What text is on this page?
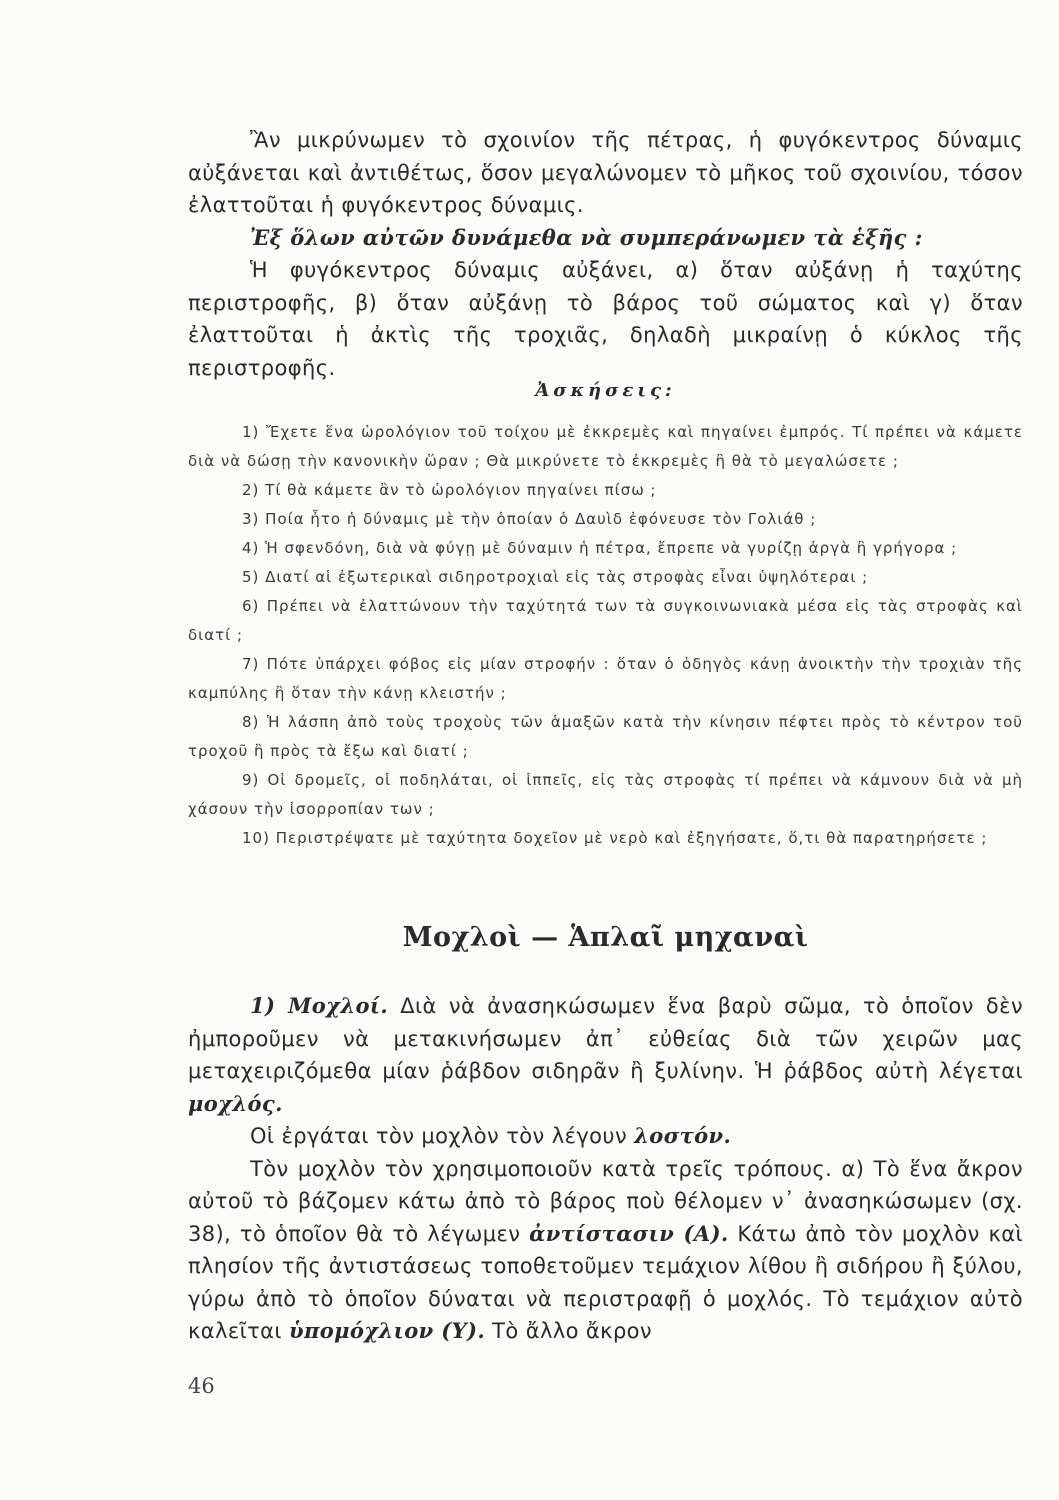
Ἂν μικρύνωμεν τὸ σχοινίον τῆς πέτρας, ἡ φυγόκεντρος δύναμις αὐξάνεται καὶ ἀντιθέτως, ὅσον μεγαλώνομεν τὸ μῆκος τοῦ σχοινίου, τόσον ἐλαττοῦται ἡ φυγόκεντρος δύναμις.
Ἐξ ὅλων αὐτῶν δυνάμεθα νὰ συμπεράνωμεν τὰ ἑξῆς :
Ἡ φυγόκεντρος δύναμις αὐξάνει, α) ὅταν αὐξάνῃ ἡ ταχύτης περιστροφῆς, β) ὅταν αὐξάνῃ τὸ βάρος τοῦ σώματος καὶ γ) ὅταν ἐλαττοῦται ἡ ἀκτὶς τῆς τροχιᾶς, δηλαδὴ μικραίνῃ ὁ κύκλος τῆς περιστροφῆς.

Ἀσκήσεις:

1) Ἔχετε ἕνα ὡρολόγιον τοῦ τοίχου μὲ ἐκκρεμὲς καὶ πηγαίνει ἐμπρός. Τί πρέπει νὰ κάμετε διὰ νὰ δώσῃ τὴν κανονικὴν ὥραν ; Θὰ μικρύνετε τὸ ἐκκρεμὲς ἢ θὰ τὸ μεγαλώσετε ;

2) Τί θὰ κάμετε ἂν τὸ ὡρολόγιον πηγαίνει πίσω ;

3) Ποία ἦτο ἡ δύναμις μὲ τὴν ὁποίαν ὁ Δαυὶδ ἐφόνευσε τὸν Γολιάθ ;

4) Ἡ σφενδόνη, διὰ νὰ φύγῃ μὲ δύναμιν ἡ πέτρα, ἔπρεπε νὰ γυρίζῃ ἀργὰ ἢ γρήγορα ;

5) Διατί αἱ ἐξωτερικαὶ σιδηροτροχιαὶ εἰς τὰς στροφὰς εἶναι ὑψηλότεραι ;

6) Πρέπει νὰ ἐλαττώνουν τὴν ταχύτητά των τὰ συγκοινωνιακὰ μέσα εἰς τὰς στροφὰς καὶ διατί ;

7) Πότε ὑπάρχει φόβος εἰς μίαν στροφήν : ὅταν ὁ ὁδηγὸς κάνῃ ἀνοικτὴν τὴν τροχιὰν τῆς καμπύλης ἢ ὅταν τὴν κάνῃ κλειστήν ;

8) Ἡ λάσπη ἀπὸ τοὺς τροχοὺς τῶν ἁμαξῶν κατὰ τὴν κίνησιν πέφτει πρὸς τὸ κέντρον τοῦ τροχοῦ ἢ πρὸς τὰ ἔξω καὶ διατί ;

9) Οἱ δρομεῖς, οἱ ποδηλάται, οἱ ἱππεῖς, εἰς τὰς στροφὰς τί πρέπει νὰ κάμνουν διὰ νὰ μὴ χάσουν τὴν ἰσορροπίαν των ;

10) Περιστρέψατε μὲ ταχύτητα δοχεῖον μὲ νερὸ καὶ ἐξηγήσατε, ὅ,τι θὰ παρατηρήσετε ;

Μοχλοὶ — Ἁπλαῖ μηχαναὶ

1) Μοχλοί. Διὰ νὰ ἀνασηκώσωμεν ἕνα βαρὺ σῶμα, τὸ ὁποῖον δὲν ἠμποροῦμεν νὰ μετακινήσωμεν ἀπ᾿ εὐθείας διὰ τῶν χειρῶν μας μεταχειριζόμεθα μίαν ῥάβδον σιδηρᾶν ἢ ξυλίνην. Ἡ ῥάβδος αὐτὴ λέγεται μοχλός.
Οἱ ἐργάται τὸν μοχλὸν τὸν λέγουν λοστόν.
Τὸν μοχλὸν τὸν χρησιμοποιοῦν κατὰ τρεῖς τρόπους. α) Τὸ ἕνα ἄκρον αὐτοῦ τὸ βάζομεν κάτω ἀπὸ τὸ βάρος ποὺ θέλομεν ν᾿ ἀνασηκώσωμεν (σχ. 38), τὸ ὁποῖον θὰ τὸ λέγωμεν ἀντίστασιν (Α). Κάτω ἀπὸ τὸν μοχλὸν καὶ πλησίον τῆς ἀντιστάσεως τοποθετοῦμεν τεμάχιον λίθου ἢ σιδήρου ἢ ξύλου, γύρω ἀπὸ τὸ ὁποῖον δύναται νὰ περιστραφῇ ὁ μοχλός. Τὸ τεμάχιον αὐτὸ καλεῖται ὑπομόχλιον (Υ). Τὸ ἄλλο ἄκρον
46
